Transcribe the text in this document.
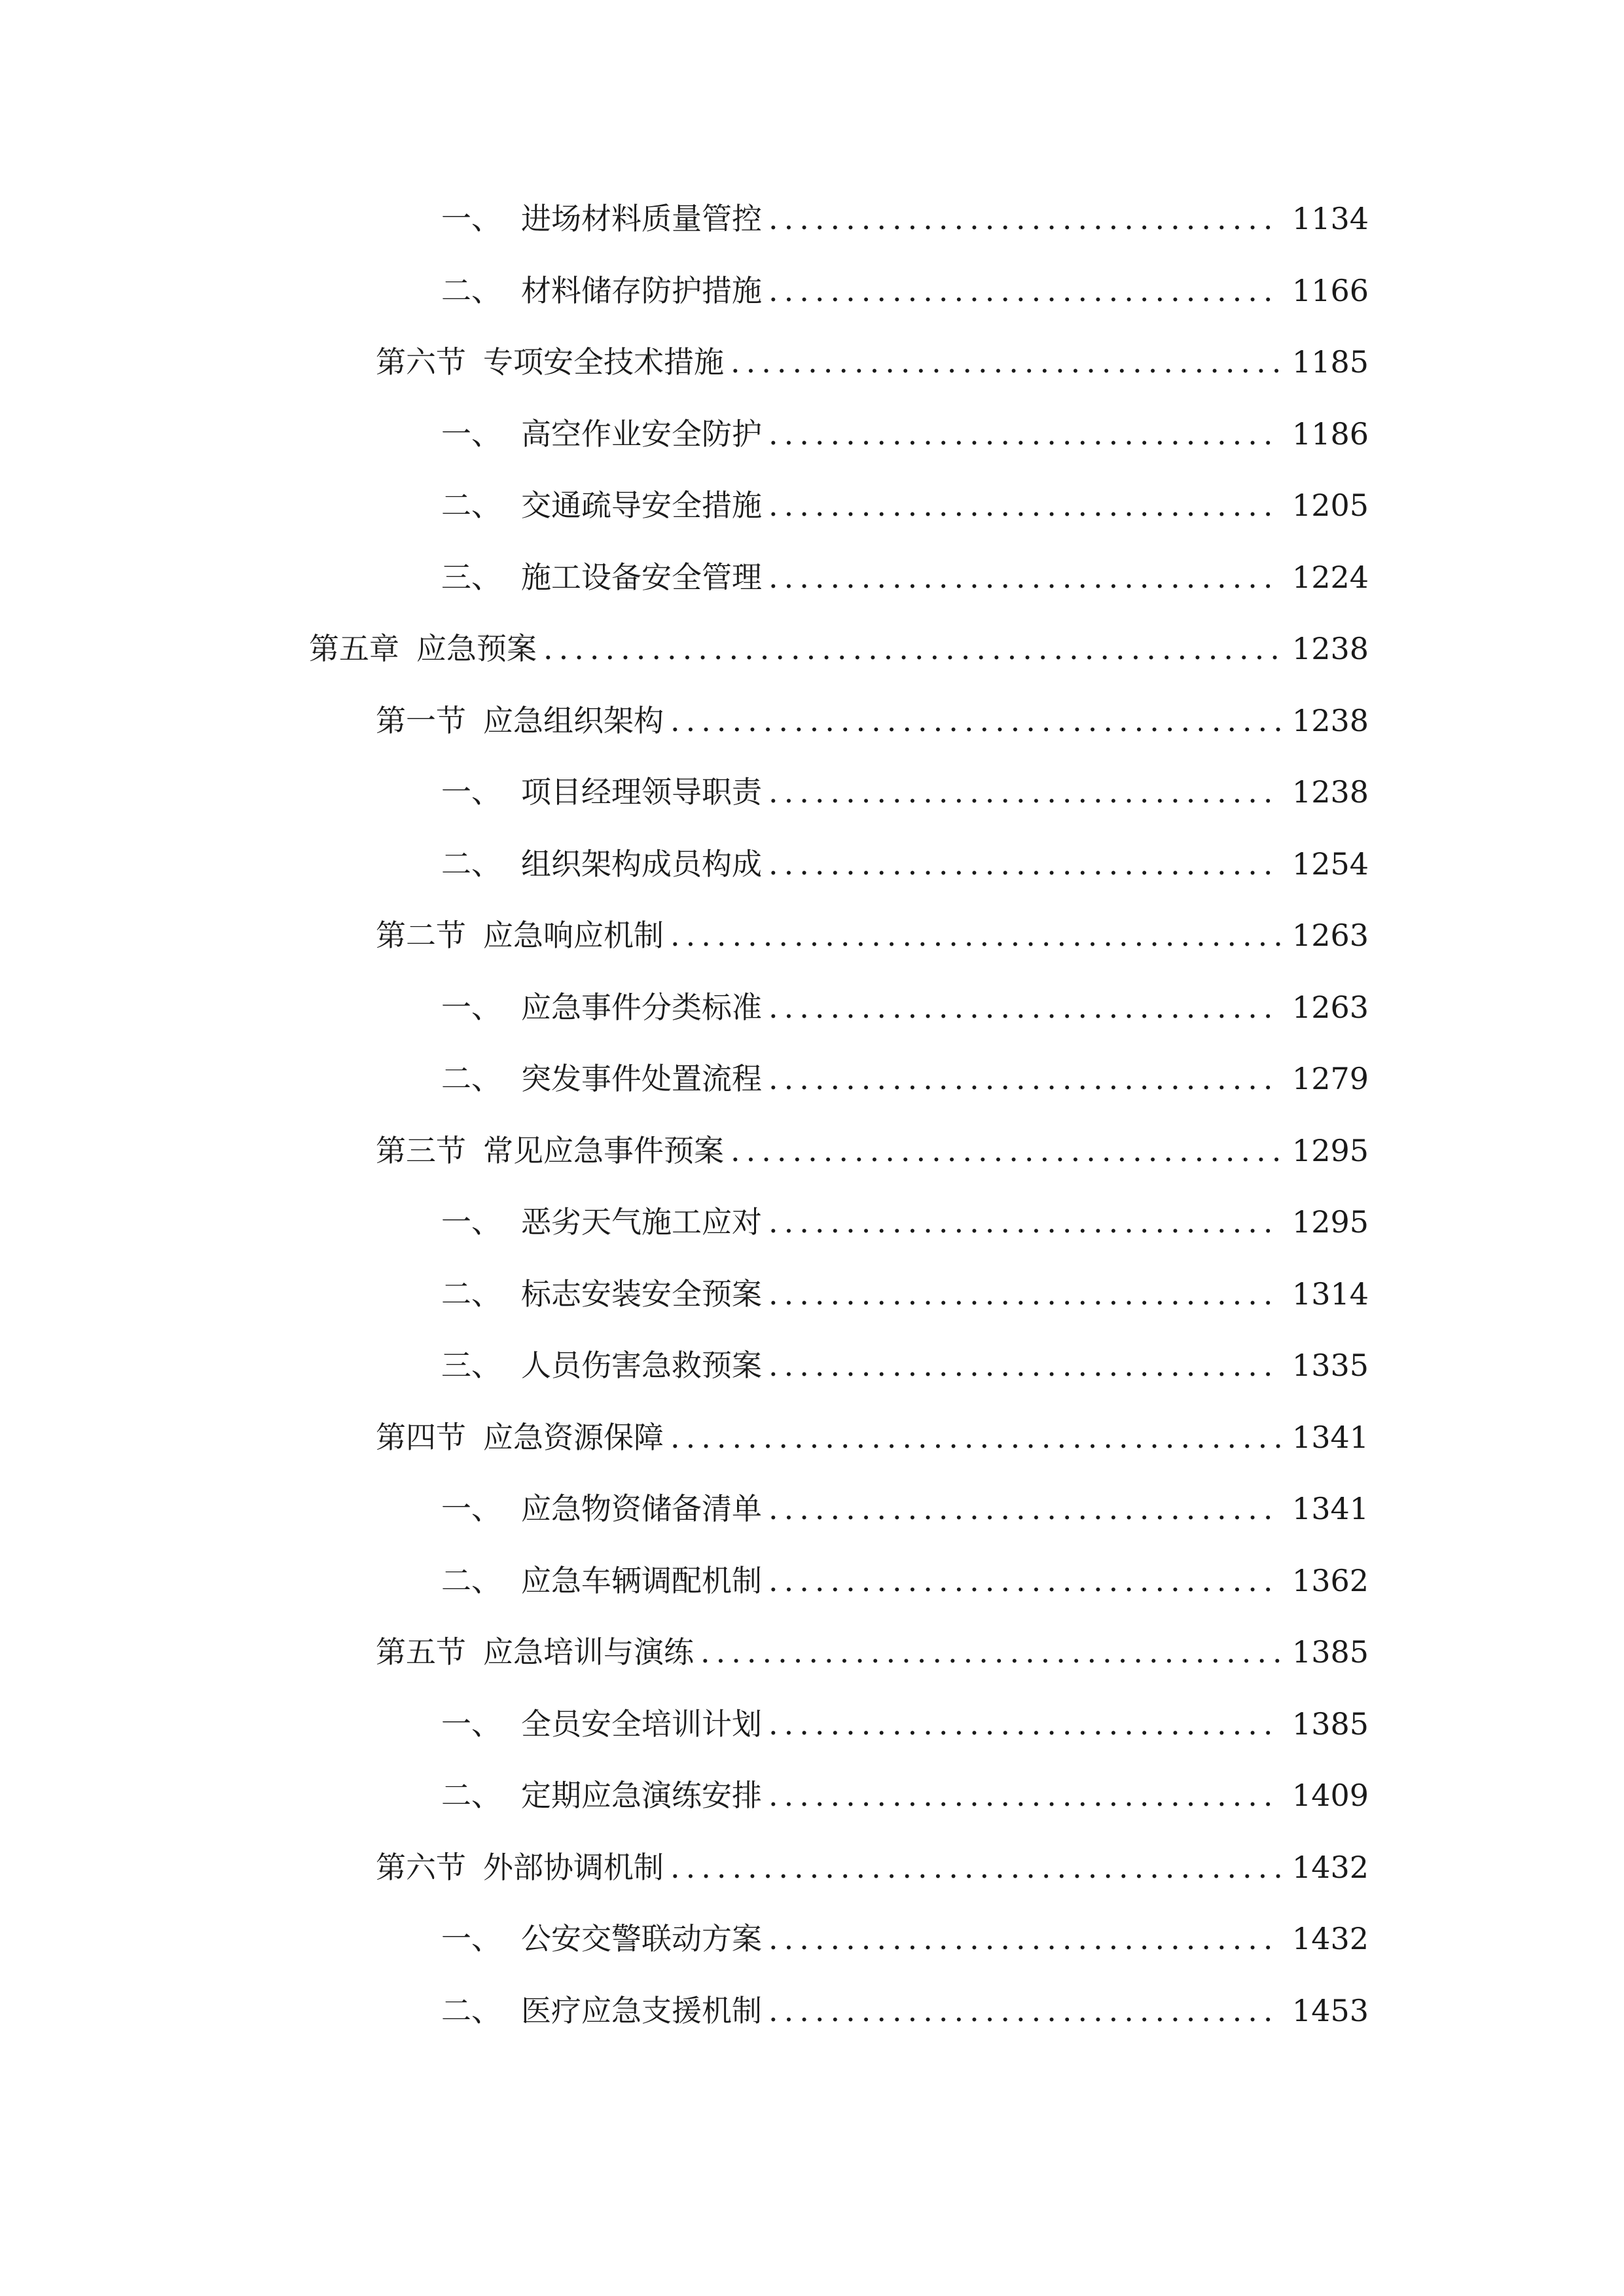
一、 进场材料质量管控 .....	1134
二、 材料储存防护措施 .....	1166
第六节 专项安全技术措施 .....	1185
一、 高空作业安全防护 .....	1186
二、 交通疏导安全措施 .....	1205
三、 施工设备安全管理 .....	1224
第五章 应急预案 .....	1238
第一节 应急组织架构 .....	1238
一、 项目经理领导职责 .....	1238
二、 组织架构成员构成 .....	1254
第二节 应急响应机制 .....	1263
一、 应急事件分类标准 .....	1263
二、 突发事件处置流程 .....	1279
第三节 常见应急事件预案 .....	1295
一、 恶劣天气施工应对 .....	1295
二、 标志安装安全预案 .....	1314
三、 人员伤害急救预案 .....	1335
第四节 应急资源保障 .....	1341
一、 应急物资储备清单 .....	1341
二、 应急车辆调配机制 .....	1362
第五节 应急培训与演练 .....	1385
一、 全员安全培训计划 .....	1385
二、 定期应急演练安排 .....	1409
第六节 外部协调机制 .....	1432
一、 公安交警联动方案 .....	1432
二、 医疗应急支援机制 .....	1453
